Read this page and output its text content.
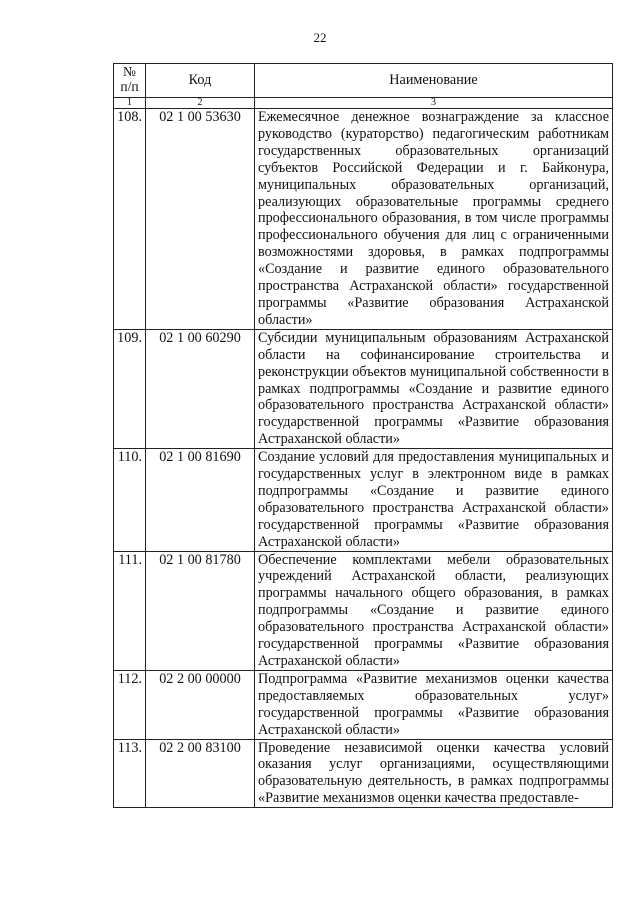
22
№ п/п	Код	Наименование
1	2	3
108.	02 1 00 53630	Ежемесячное денежное вознаграждение за классное руководство (кураторство) педагогическим работникам государственных образовательных организаций субъектов Российской Федерации и г. Байконура, муниципальных образовательных организаций, реализующих образовательные программы среднего профессионального образования, в том числе программы профессионального обучения для лиц с ограниченными возможностями здоровья, в рамках подпрограммы «Создание и развитие единого образовательного пространства Астраханской области» государственной программы «Развитие образования Астраханской области»
109.	02 1 00 60290	Субсидии муниципальным образованиям Астраханской области на софинансирование строительства и реконструкции объектов муниципальной собственности в рамках подпрограммы «Создание и развитие единого образовательного пространства Астраханской области» государственной программы «Развитие образования Астраханской области»
110.	02 1 00 81690	Создание условий для предоставления муниципальных и государственных услуг в электронном виде в рамках подпрограммы «Создание и развитие единого образовательного пространства Астраханской области» государственной программы «Развитие образования Астраханской области»
111.	02 1 00 81780	Обеспечение комплектами мебели образовательных учреждений Астраханской области, реализующих программы начального общего образования, в рамках подпрограммы «Создание и развитие единого образовательного пространства Астраханской области» государственной программы «Развитие образования Астраханской области»
112.	02 2 00 00000	Подпрограмма «Развитие механизмов оценки качества предоставляемых образовательных услуг» государственной программы «Развитие образования Астраханской области»
113.	02 2 00 83100	Проведение независимой оценки качества условий оказания услуг организациями, осуществляющими образовательную деятельность, в рамках подпрограммы «Развитие механизмов оценки качества предоставле-
